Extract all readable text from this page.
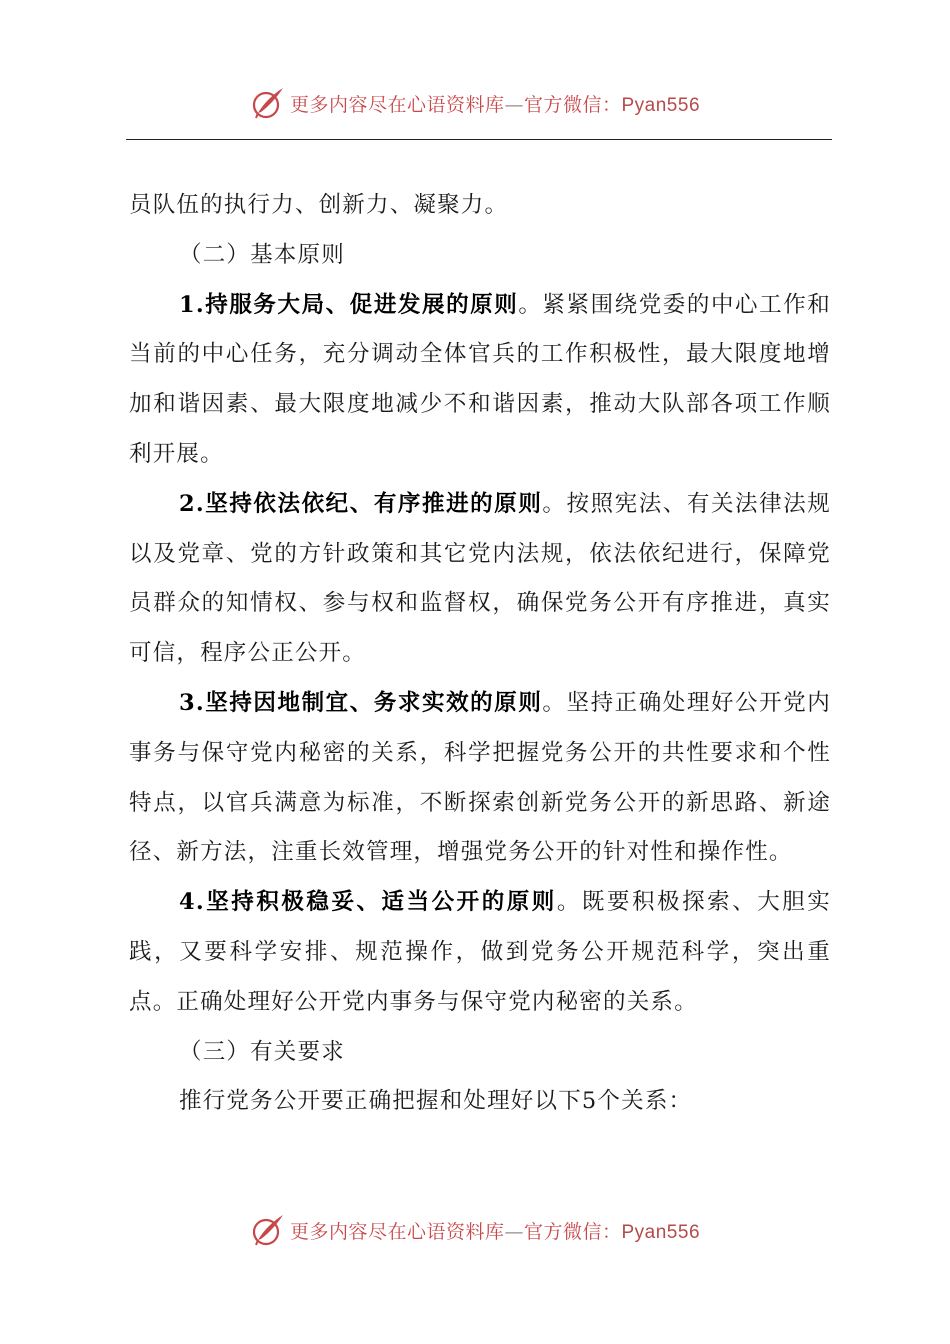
更多内容尽在心语资料库—官方微信：Pyan556

员队伍的执行力、创新力、凝聚力。

（二）基本原则

1.持服务大局、促进发展的原则。紧紧围绕党委的中心工作和当前的中心任务，充分调动全体官兵的工作积极性，最大限度地增加和谐因素、最大限度地减少不和谐因素，推动大队部各项工作顺利开展。

2.坚持依法依纪、有序推进的原则。按照宪法、有关法律法规以及党章、党的方针政策和其它党内法规，依法依纪进行，保障党员群众的知情权、参与权和监督权，确保党务公开有序推进，真实可信，程序公正公开。

3.坚持因地制宜、务求实效的原则。坚持正确处理好公开党内事务与保守党内秘密的关系，科学把握党务公开的共性要求和个性特点，以官兵满意为标准，不断探索创新党务公开的新思路、新途径、新方法，注重长效管理，增强党务公开的针对性和操作性。

4.坚持积极稳妥、适当公开的原则。既要积极探索、大胆实践，又要科学安排、规范操作，做到党务公开规范科学，突出重点。正确处理好公开党内事务与保守党内秘密的关系。

（三）有关要求

推行党务公开要正确把握和处理好以下5个关系：

更多内容尽在心语资料库—官方微信：Pyan556
